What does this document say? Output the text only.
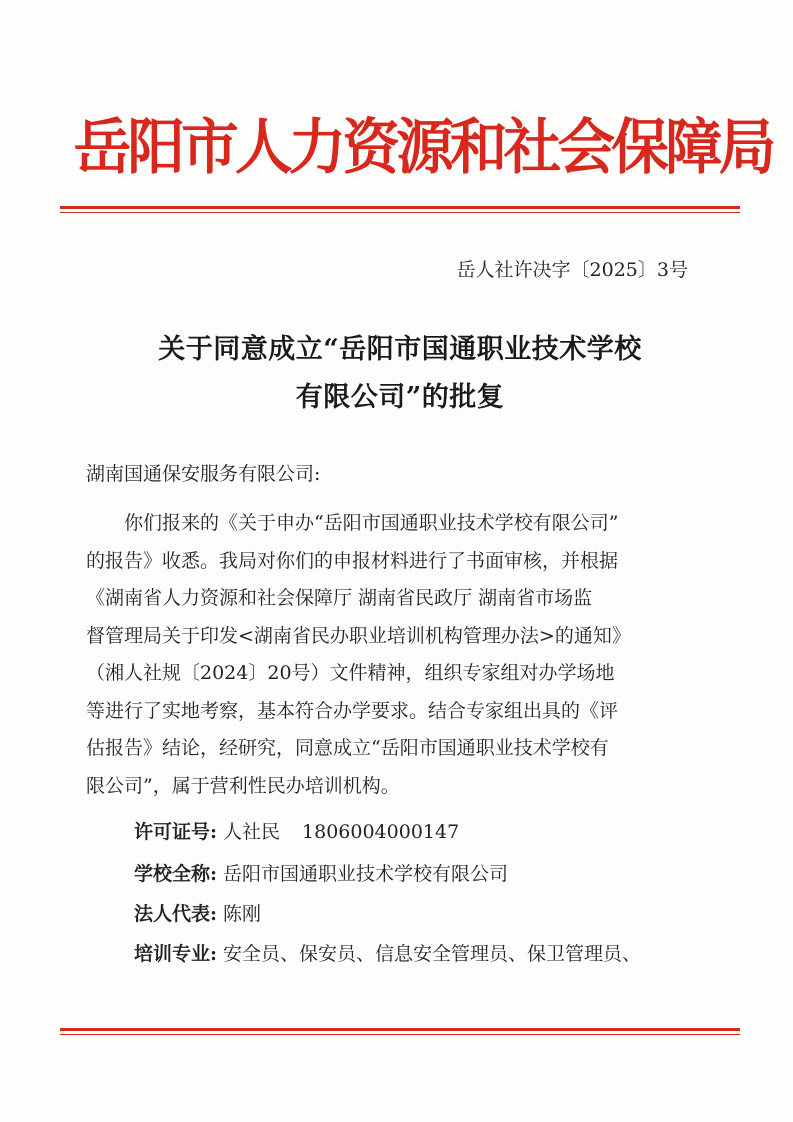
岳阳市人力资源和社会保障局
岳人社许决字〔2025〕3号
关于同意成立“岳阳市国通职业技术学校
有限公司”的批复
湖南国通保安服务有限公司:
　　你们报来的《关于申办“岳阳市国通职业技术学校有限公司”
的报告》收悉。我局对你们的申报材料进行了书面审核，并根据
《湖南省人力资源和社会保障厅 湖南省民政厅 湖南省市场监
督管理局关于印发<湖南省民办职业培训机构管理办法>的通知》
（湘人社规〔2024〕20号）文件精神，组织专家组对办学场地
等进行了实地考察，基本符合办学要求。结合专家组出具的《评
估报告》结论，经研究，同意成立“岳阳市国通职业技术学校有
限公司”，属于营利性民办培训机构。
许可证号: 人社民 1806004000147
学校全称: 岳阳市国通职业技术学校有限公司
法人代表: 陈刚
培训专业: 安全员、保安员、信息安全管理员、保卫管理员、
